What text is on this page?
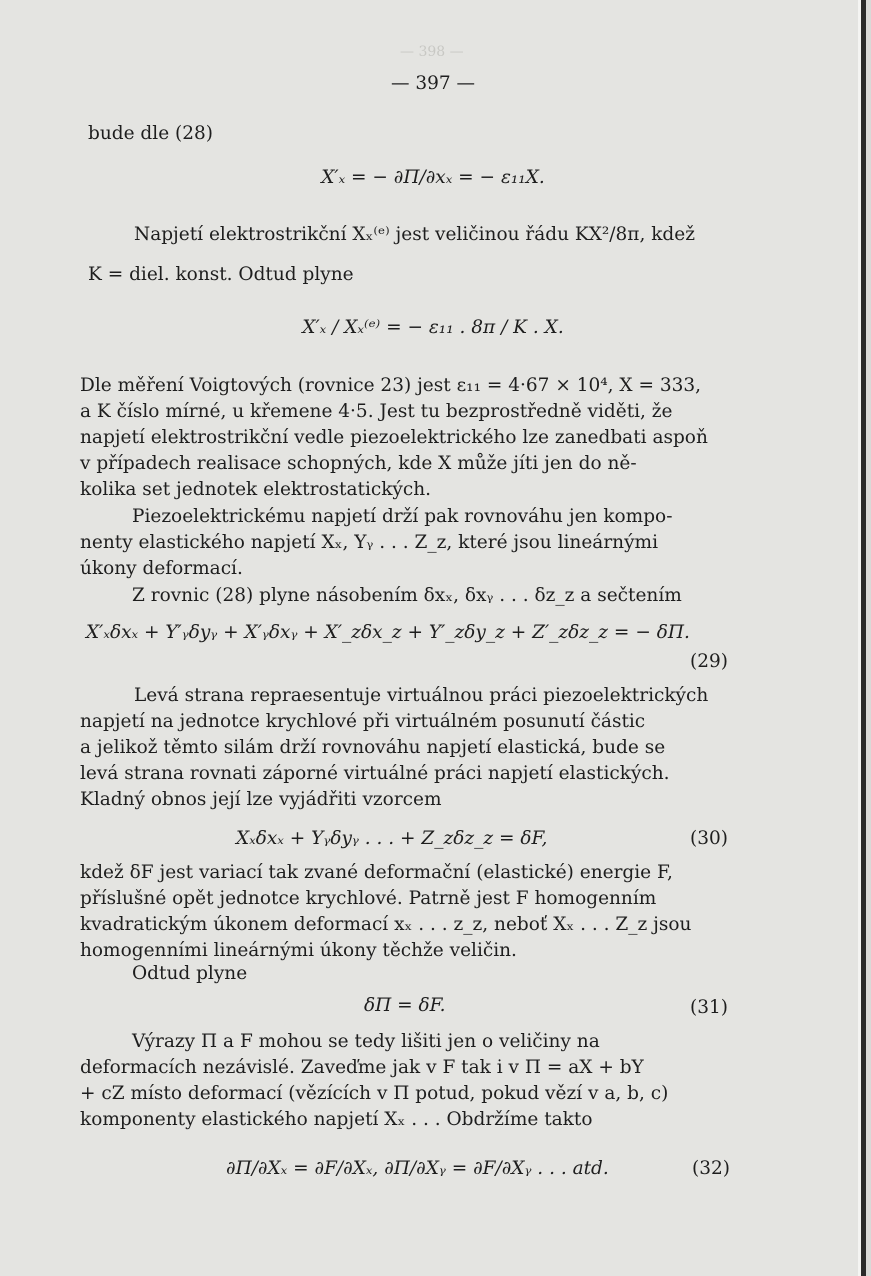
— 398 —
— 397 —
bude dle (28)
X′ₓ = − ∂Π/∂xₓ = − ε₁₁X.
Napjetí elektrostrikční Xₓ⁽ᵉ⁾ jest veličinou řádu KX²/8π, kdež
K = diel. konst. Odtud plyne
X′ₓ / Xₓ⁽ᵉ⁾ = − ε₁₁ . 8π / K . X.
Dle měření Voigtových (rovnice 23) jest ε₁₁ = 4·67 × 10⁴, X = 333,
a K číslo mírné, u křemene 4·5. Jest tu bezprostředně viděti, že
napjetí elektrostrikční vedle piezoelektrického lze zanedbati aspoň
v případech realisace schopných, kde X může jíti jen do ně-
kolika set jednotek elektrostatických.
Piezoelektrickému napjetí drží pak rovnováhu jen kompo-
nenty elastického napjetí Xₓ, Yᵧ . . . Z_z, které jsou lineárnými
úkony deformací.
Z rovnic (28) plyne násobením δxₓ, δxᵧ . . . δz_z a sečtením
X′ₓδxₓ + Y′ᵧδyᵧ + X′ᵧδxᵧ + X′_zδx_z + Y′_zδy_z + Z′_zδz_z = − δΠ.
(29)
Levá strana repraesentuje virtuálnou práci piezoelektrických
napjetí na jednotce krychlové při virtuálném posunutí částic
a jelikož těmto silám drží rovnováhu napjetí elastická, bude se
levá strana rovnati záporné virtuálné práci napjetí elastických.
Kladný obnos její lze vyjádřiti vzorcem
Xₓδxₓ + Yᵧδyᵧ . . . + Z_zδz_z = δF,	(30)
kdež δF jest variací tak zvané deformační (elastické) energie F,
příslušné opět jednotce krychlové. Patrně jest F homogenním
kvadratickým úkonem deformací xₓ . . . z_z, neboť Xₓ . . . Z_z jsou
homogenními lineárnými úkony těchže veličin.
Odtud plyne
δΠ = δF.	(31)
Výrazy Π a F mohou se tedy lišiti jen o veličiny na
deformacích nezávislé. Zaveďme jak v F tak i v Π = aX + bY
+ cZ místo deformací (vězících v Π potud, pokud vězí v a, b, c)
komponenty elastického napjetí Xₓ . . . Obdržíme takto
∂Π/∂Xₓ = ∂F/∂Xₓ, ∂Π/∂Xᵧ = ∂F/∂Xᵧ . . . atd.	(32)
